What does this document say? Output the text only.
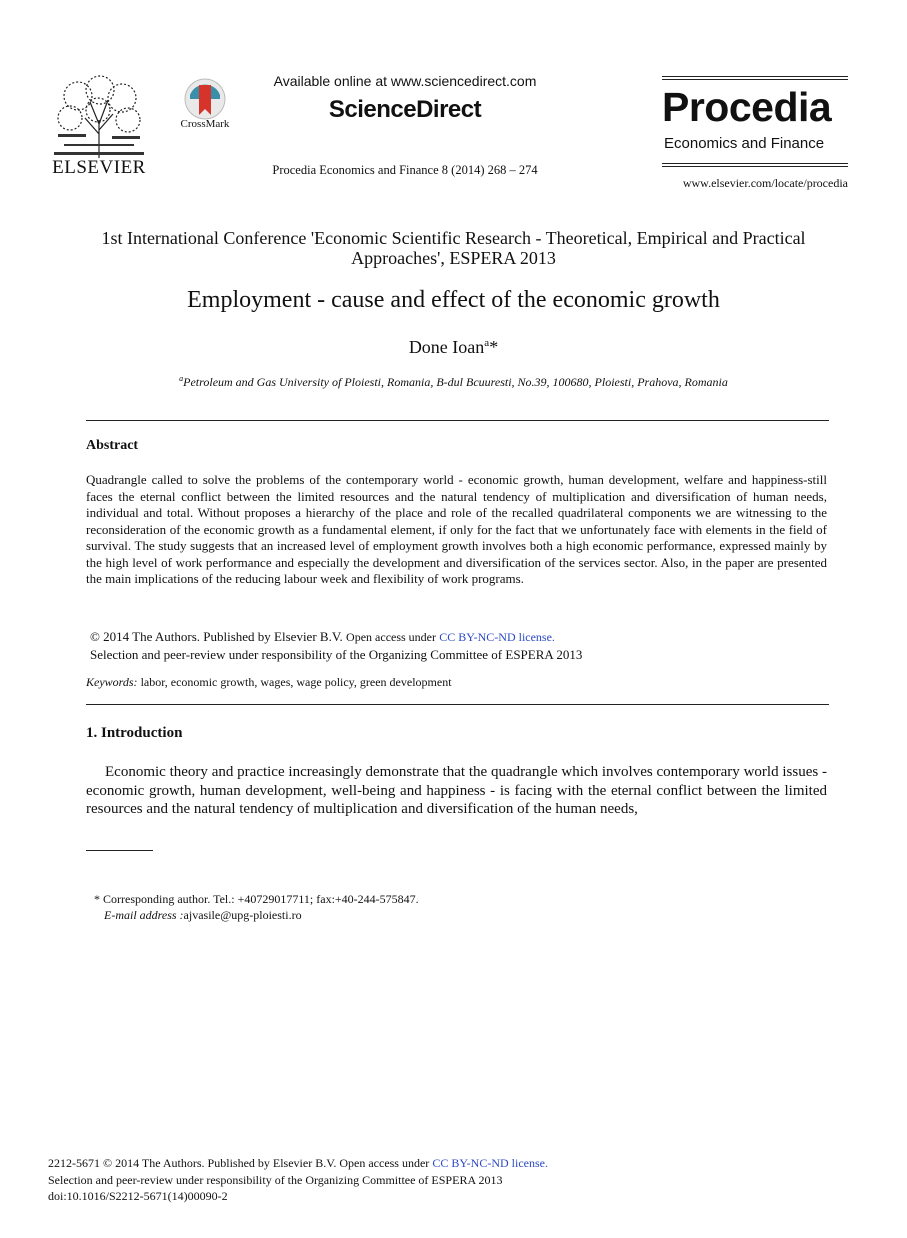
ELSEVIER
CrossMark
Available online at www.sciencedirect.com
ScienceDirect
Procedia Economics and Finance 8 (2014) 268 – 274
Procedia
Economics and Finance
www.elsevier.com/locate/procedia
1st International Conference 'Economic Scientific Research - Theoretical, Empirical and Practical Approaches', ESPERA 2013
Employment - cause and effect of the economic growth
Done Ioan$^a$*
$^a$Petroleum and Gas University of Ploiesti, Romania, B-dul Bcuuresti, No.39, 100680, Ploiesti, Prahova, Romania
Abstract
Quadrangle called to solve the problems of the contemporary world - economic growth, human development, welfare and happiness-still faces the eternal conflict between the limited resources and the natural tendency of multiplication and diversification of human needs, individual and total. Without proposes a hierarchy of the place and role of the recalled quadrilateral components we are witnessing to the reconsideration of the economic growth as a fundamental element, if only for the fact that we unfortunately face with elements in the field of survival. The study suggests that an increased level of employment growth involves both a high economic performance, expressed mainly by the high level of work performance and especially the development and diversification of the services sector. Also, in the paper are presented the main implications of the reducing labour week and flexibility of work programs.
© 2014 The Authors. Published by Elsevier B.V. Open access under CC BY-NC-ND license.
Selection and peer-review under responsibility of the Organizing Committee of ESPERA 2013
Keywords: labor, economic growth, wages, wage policy, green development
1. Introduction
Economic theory and practice increasingly demonstrate that the quadrangle which involves contemporary world issues - economic growth, human development, well-being and happiness - is facing with the eternal conflict between the limited resources and the natural tendency of multiplication and diversification of the human needs,
* Corresponding author. Tel.: +40729017711; fax:+40-244-575847.
E-mail address :ajvasile@upg-ploiesti.ro
2212-5671 © 2014 The Authors. Published by Elsevier B.V. Open access under CC BY-NC-ND license.
Selection and peer-review under responsibility of the Organizing Committee of ESPERA 2013
doi:10.1016/S2212-5671(14)00090-2
